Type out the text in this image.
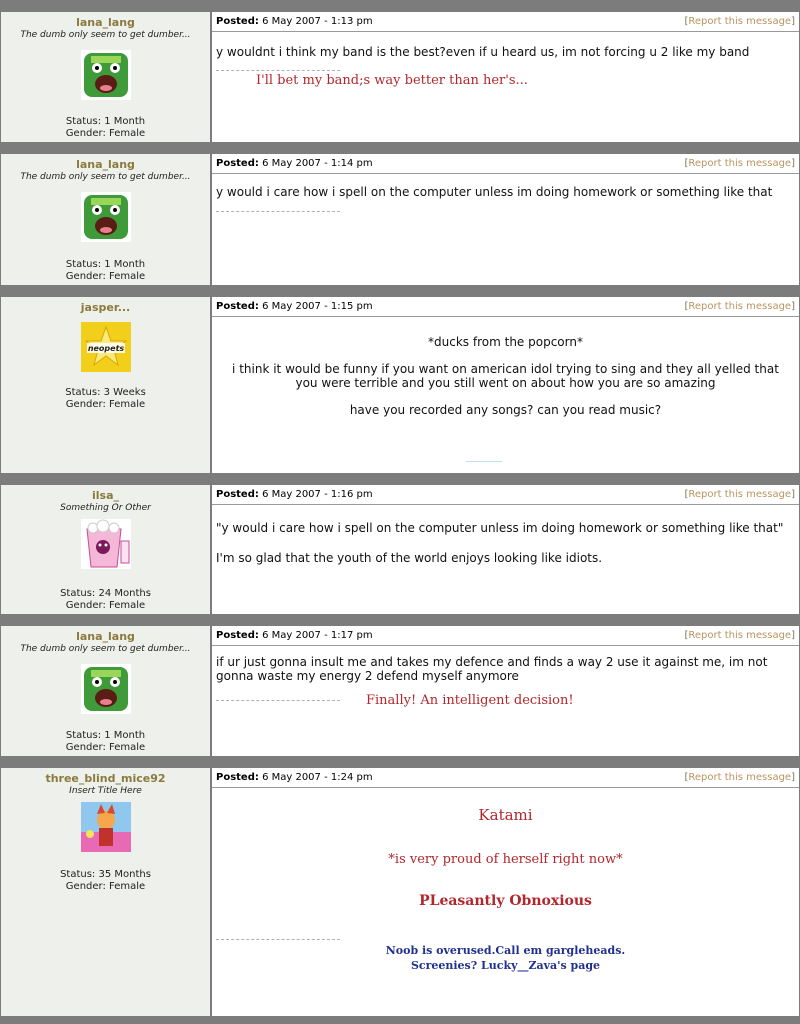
lana_lang
The dumb only seem to get dumber...
Status: 1 Month
Gender: Female
Posted: 6 May 2007 - 1:13 pm	[Report this message]
y wouldnt i think my band is the best?even if u heard us, im not forcing u 2 like my band
I'll bet my band;s way better than her's...
lana_lang
The dumb only seem to get dumber...
Status: 1 Month
Gender: Female
Posted: 6 May 2007 - 1:14 pm	[Report this message]
y would i care how i spell on the computer unless im doing homework or something like that
jasper...
neopets
Status: 3 Weeks
Gender: Female
Posted: 6 May 2007 - 1:15 pm	[Report this message]
*ducks from the popcorn*
i think it would be funny if you want on american idol trying to sing and they all yelled that you were terrible and you still went on about how you are so amazing
have you recorded any songs? can you read music?
ilsa_
Something Or Other
Status: 24 Months
Gender: Female
Posted: 6 May 2007 - 1:16 pm	[Report this message]
"y would i care how i spell on the computer unless im doing homework or something like that"
I'm so glad that the youth of the world enjoys looking like idiots.
lana_lang
The dumb only seem to get dumber...
Status: 1 Month
Gender: Female
Posted: 6 May 2007 - 1:17 pm	[Report this message]
if ur just gonna insult me and takes my defence and finds a way 2 use it against me, im not gonna waste my energy 2 defend myself anymore
Finally! An intelligent decision!
three_blind_mice92
Insert Title Here
Status: 35 Months
Gender: Female
Posted: 6 May 2007 - 1:24 pm	[Report this message]
Katami
*is very proud of herself right now*
PLeasantly Obnoxious
Noob is overused.Call em gargleheads.
Screenies? Lucky__Zava's page
